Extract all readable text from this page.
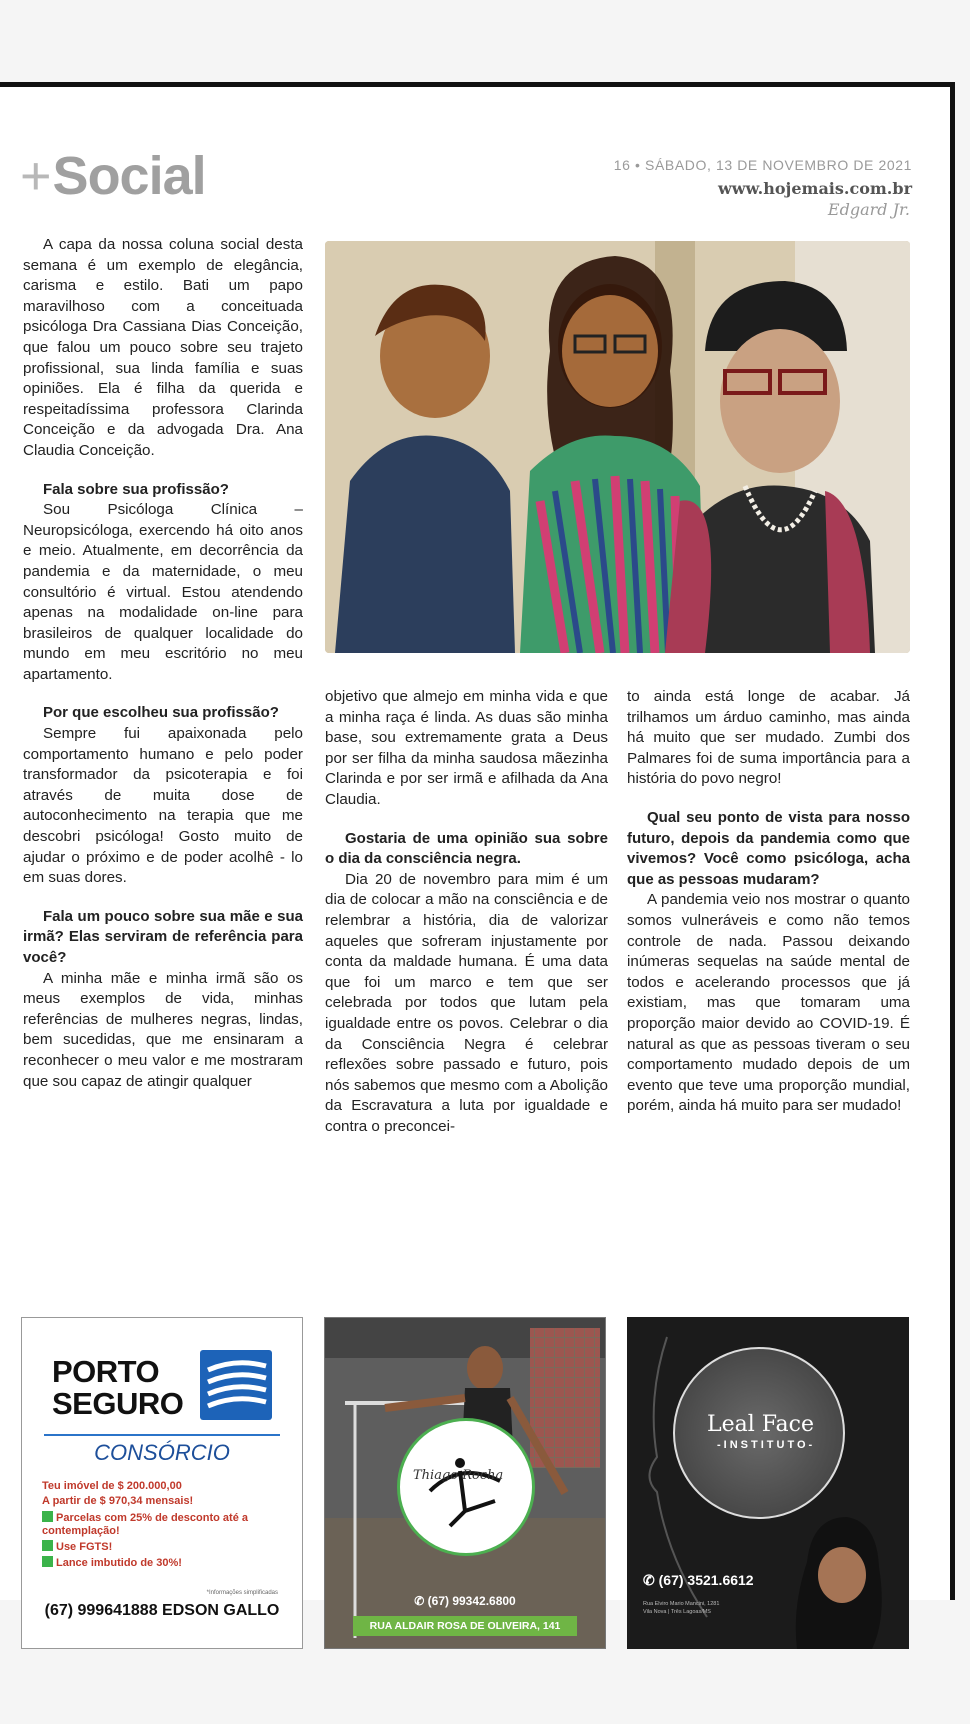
+Social	16 • SÁBADO, 13 DE NOVEMBRO DE 2021
www.hojemais.com.br
Edgard Jr.

A capa da nossa coluna social desta semana é um exemplo de elegância, carisma e estilo. Bati um papo maravilhoso com a conceituada psicóloga Dra Cassiana Dias Conceição, que falou um pouco sobre seu trajeto profissional, sua linda família e suas opiniões. Ela é filha da querida e respeitadíssima professora Clarinda Conceição e da advogada Dra. Ana Claudia Conceição.

Fala sobre sua profissão?

Sou Psicóloga Clínica – Neuropsicóloga, exercendo há oito anos e meio. Atualmente, em decorrência da pandemia e da maternidade, o meu consultório é virtual. Estou atendendo apenas na modalidade on-line para brasileiros de qualquer localidade do mundo em meu escritório no meu apartamento.

Por que escolheu sua profissão?

Sempre fui apaixonada pelo comportamento humano e pelo poder transformador da psicoterapia e foi através de muita dose de autoconhecimento na terapia que me descobri psicóloga! Gosto muito de ajudar o próximo e de poder acolhê - lo em suas dores.

Fala um pouco sobre sua mãe e sua irmã? Elas serviram de referência para você?

A minha mãe e minha irmã são os meus exemplos de vida, minhas referências de mulheres negras, lindas, bem sucedidas, que me ensinaram a reconhecer o meu valor e me mostraram que sou capaz de atingir qualquer

objetivo que almejo em minha vida e que a minha raça é linda. As duas são minha base, sou extremamente grata a Deus por ser filha da minha saudosa mãezinha Clarinda e por ser irmã e afilhada da Ana Claudia.

Gostaria de uma opinião sua sobre o dia da consciência negra.

Dia 20 de novembro para mim é um dia de colocar a mão na consciência e de relembrar a história, dia de valorizar aqueles que sofreram injustamente por conta da maldade humana. É uma data que foi um marco e tem que ser celebrada por todos que lutam pela igualdade entre os povos. Celebrar o dia da Consciência Negra é celebrar reflexões sobre passado e futuro, pois nós sabemos que mesmo com a Abolição da Escravatura a luta por igualdade e contra o preconcei-

to ainda está longe de acabar. Já trilhamos um árduo caminho, mas ainda há muito que ser mudado. Zumbi dos Palmares foi de suma importância para a história do povo negro!

Qual seu ponto de vista para nosso futuro, depois da pandemia como que vivemos? Você como psicóloga, acha que as pessoas mudaram?

A pandemia veio nos mostrar o quanto somos vulneráveis e como não temos controle de nada. Passou deixando inúmeras sequelas na saúde mental de todos e acelerando processos que já existiam, mas que tomaram uma proporção maior devido ao COVID-19. É natural as que as pessoas tiveram o seu comportamento mudado depois de um evento que teve uma proporção mundial, porém, ainda há muito para ser mudado!

PORTO
SEGURO
CONSÓRCIO
Teu imóvel de $ 200.000,00
A partir de $ 970,34 mensais!
Parcelas com 25% de desconto até a contemplação!
Use FGTS!
Lance imbutido de 30%!
*Informações simplificadas
(67) 999641888 EDSON GALLO
Thiago Rocha
✆ (67) 99342.6800
RUA ALDAIR ROSA DE OLIVEIRA, 141
Leal Face
-INSTITUTO-
✆ (67) 3521.6612
Rua Elviro Mario Mancini, 1281
Vila Nova | Três Lagoas/MS
